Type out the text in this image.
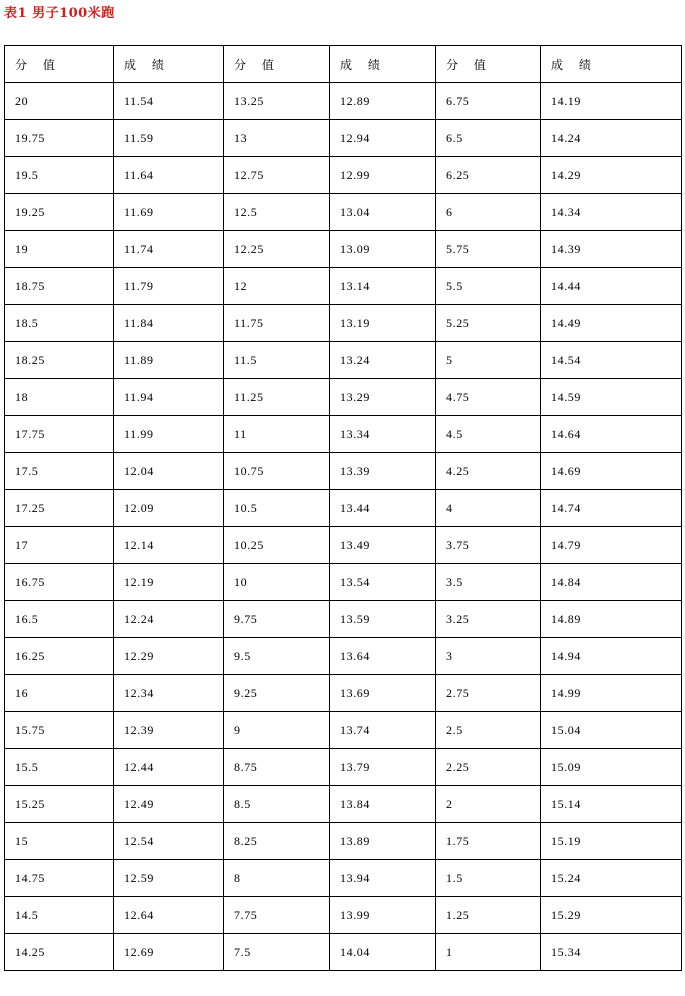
表1 男子100米跑
分 值	成 绩	分 值	成 绩	分 值	成 绩
20	11.54	13.25	12.89	6.75	14.19
19.75	11.59	13	12.94	6.5	14.24
19.5	11.64	12.75	12.99	6.25	14.29
19.25	11.69	12.5	13.04	6	14.34
19	11.74	12.25	13.09	5.75	14.39
18.75	11.79	12	13.14	5.5	14.44
18.5	11.84	11.75	13.19	5.25	14.49
18.25	11.89	11.5	13.24	5	14.54
18	11.94	11.25	13.29	4.75	14.59
17.75	11.99	11	13.34	4.5	14.64
17.5	12.04	10.75	13.39	4.25	14.69
17.25	12.09	10.5	13.44	4	14.74
17	12.14	10.25	13.49	3.75	14.79
16.75	12.19	10	13.54	3.5	14.84
16.5	12.24	9.75	13.59	3.25	14.89
16.25	12.29	9.5	13.64	3	14.94
16	12.34	9.25	13.69	2.75	14.99
15.75	12.39	9	13.74	2.5	15.04
15.5	12.44	8.75	13.79	2.25	15.09
15.25	12.49	8.5	13.84	2	15.14
15	12.54	8.25	13.89	1.75	15.19
14.75	12.59	8	13.94	1.5	15.24
14.5	12.64	7.75	13.99	1.25	15.29
14.25	12.69	7.5	14.04	1	15.34
